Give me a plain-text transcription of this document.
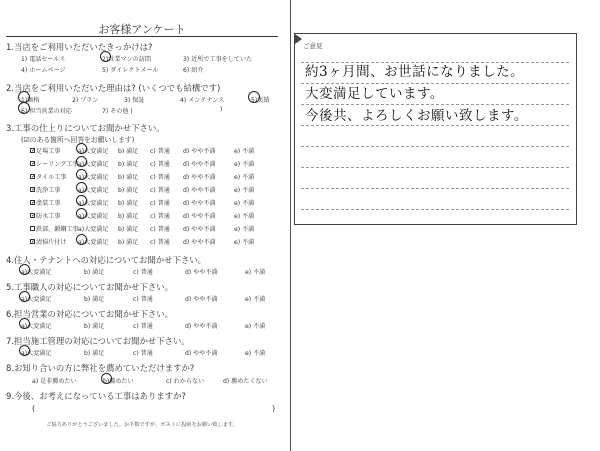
お客様アンケート
1.当店をご利用いただいたきっかけは?
1) 電話セールス	2)営業マンの訪問	3) 近所で工事をしていた
4) ホームページ	5) ダイレクトメール	6) 紹介
2.当店をご利用いただいた理由は? (いくつでも結構です)
1)価格	2) プラン	3) 保証	4) メンテナンス	5)実績
6) 担当営業の対応	7) その他 (	)
3.工事の仕上りについてお聞かせ下さい。
(☑のある箇所へ回答をお願いします)
✓ 足場工事	a)大変満足 b) 満足 c) 普通 d) やや不満	e) 不満
✓ シーリング工事 a)大変満足 b) 満足 c) 普通 d) やや不満	e) 不満
✓ タイル工事 a)大変満足 b) 満足 c) 普通 d) やや不満	e) 不満
✓ 洗浄工事	a)大変満足 b) 満足 c) 普通 d) やや不満	e) 不満
✓ 塗装工事	a)大変満足 b) 満足 c) 普通 d) やや不満	e) 不満
✓ 防水工事	a)大変満足 b) 満足 c) 普通 d) やや不満	e) 不満
鉄部、鍛鋼工事 a)大変満足 b) 満足 c) 普通 d) やや不満	e) 不満
✓ 清掃片付け a)大変満足 b) 満足 c) 普通 d) やや不満	e) 不満
4.住人・テナントへの対応についてお聞かせ下さい。
a)大変満足	b) 満足	c) 普通	d) やや不満	e) 不満
5.工事職人の対応についてお聞かせ下さい。
a)大変満足	b) 満足	c) 普通	d) やや不満	e) 不満
6.担当営業の対応についてお聞かせ下さい。
a)大変満足	b) 満足	c) 普通	d) やや不満	e) 不満
7.担当施工管理の対応についてお聞かせ下さい。
a)大変満足	b) 満足	c) 普通	d) やや不満	e) 不満
8.お知り合いの方に弊社を薦めていただけますか?
a) 是非薦めたい	b)薦めたい	c) わからない	d) 薦めたくない
9.今後、お考えになっている工事はありますか?
(	)
ご協力ありがとうございました。お手数ですが、ポストに投函をお願い致します。
ご意見
約3ヶ月間、お世話になりました。
大変満足しています。
今後共、よろしくお願い致します。
